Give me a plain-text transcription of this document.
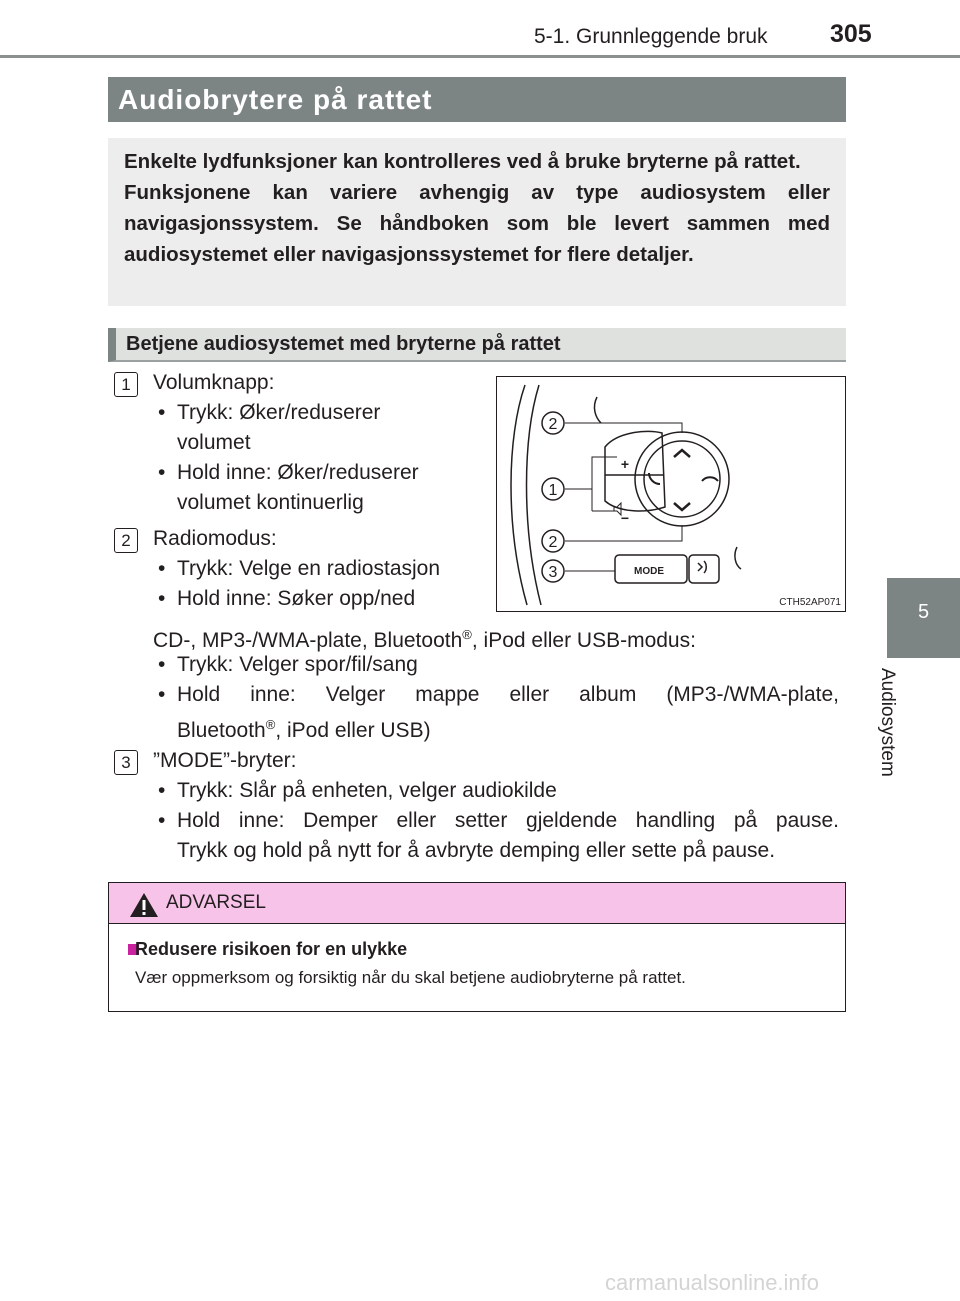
5-1. Grunnleggende bruk	305
5
Audiosystem
Audiobrytere på rattet

Enkelte lydfunksjoner kan kontrolleres ved å bruke bryterne på rattet.

Funksjonene kan variere avhengig av type audiosystem eller navigasjonssystem. Se håndboken som ble levert sammen med audiosystemet eller navigasjonssystemet for flere detaljer.

Betjene audiosystemet med bryterne på rattet
1	Volumknapp:
• Trykk: Øker/reduserer
volumet
• Hold inne: Øker/reduserer
volumet kontinuerlig
2	Radiomodus:
• Trykk: Velge en radiostasjon
• Hold inne: Søker opp/ned
CD-, MP3-/WMA-plate, Bluetooth®, iPod eller USB-modus:
• Trykk: Velger spor/fil/sang
• Hold inne: Velger mappe eller album (MP3-/WMA-plate,
Bluetooth®, iPod eller USB)
3	”MODE”-bryter:
• Trykk: Slår på enheten, velger audiokilde
• Hold inne: Demper eller setter gjeldende handling på pause.
Trykk og hold på nytt for å avbryte demping eller sette på pause.
2
1
2
3
+
−
MODE
CTH52AP071
ADVARSEL
Redusere risikoen for en ulykke
Vær oppmerksom og forsiktig når du skal betjene audiobryterne på rattet.
carmanualsonline.info
